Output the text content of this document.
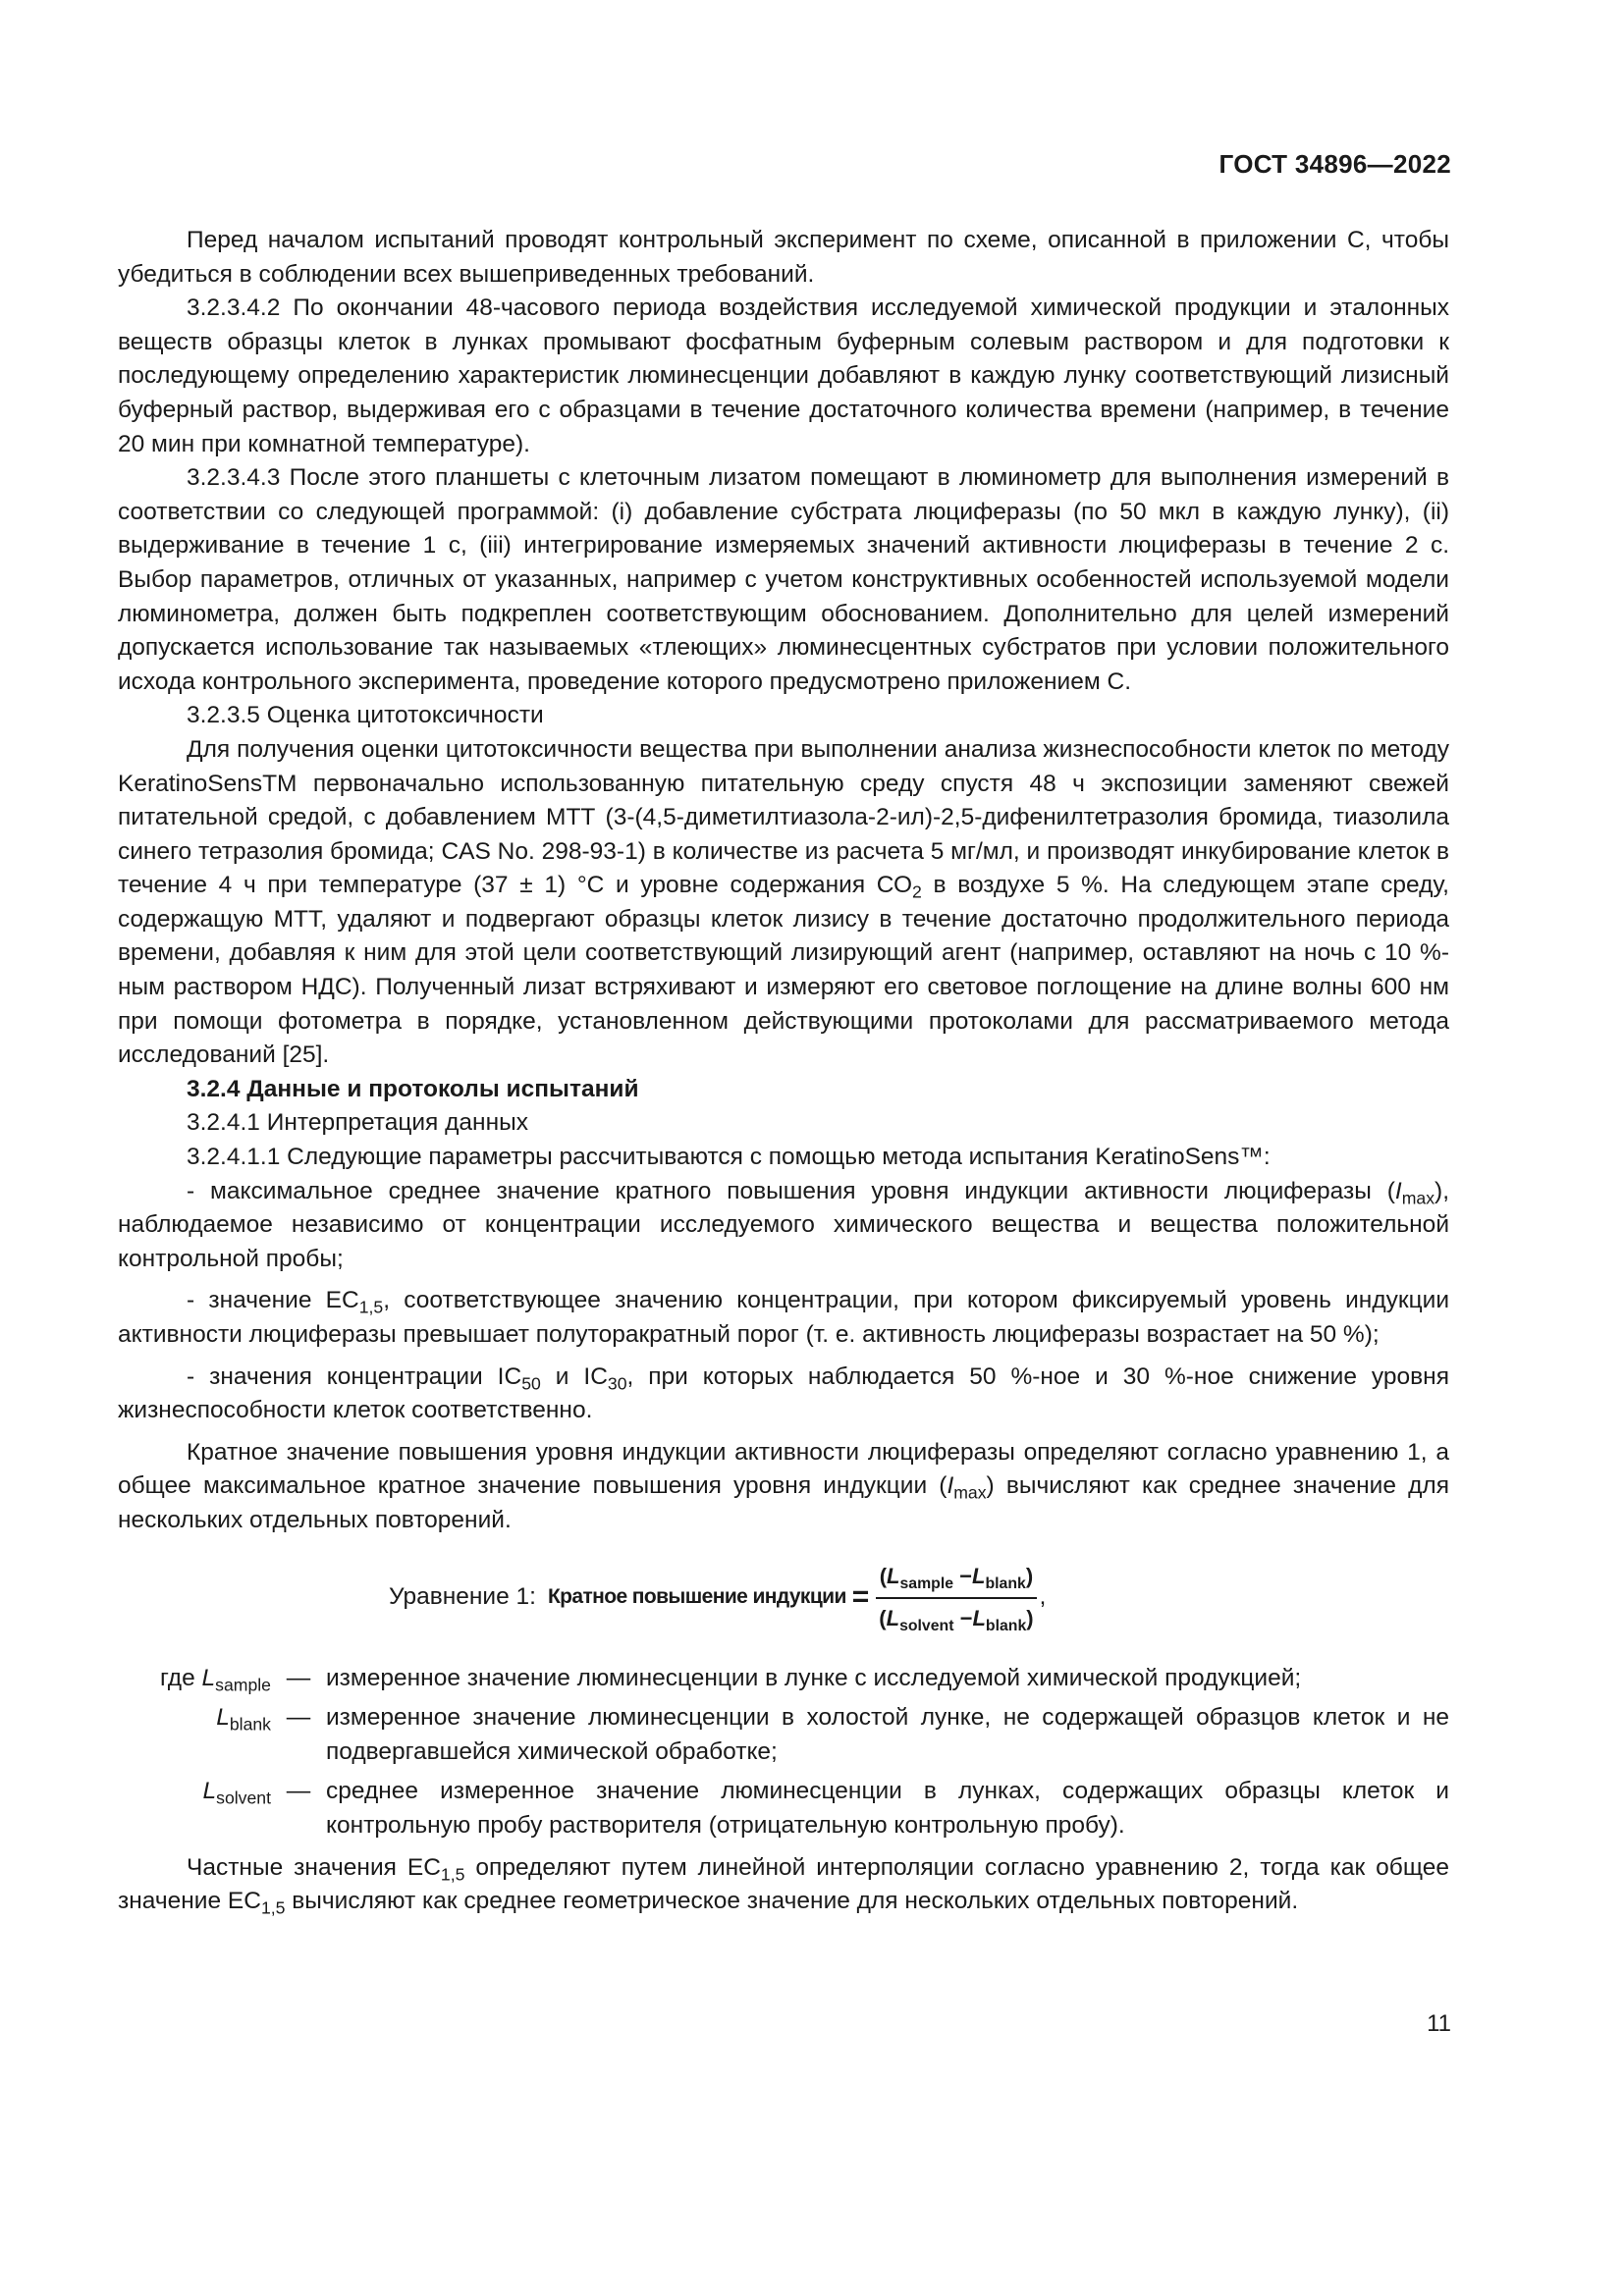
ГОСТ 34896—2022

Перед началом испытаний проводят контрольный эксперимент по схеме, описанной в приложении С, чтобы убедиться в соблюдении всех вышеприведенных требований.

3.2.3.4.2 По окончании 48-часового периода воздействия исследуемой химической продукции и эталонных веществ образцы клеток в лунках промывают фосфатным буферным солевым раствором и для подготовки к последующему определению характеристик люминесценции добавляют в каждую лунку соответствующий лизисный буферный раствор, выдерживая его с образцами в течение достаточного количества времени (например, в течение 20 мин при комнатной температуре).

3.2.3.4.3 После этого планшеты с клеточным лизатом помещают в люминометр для выполнения измерений в соответствии со следующей программой: (i) добавление субстрата люциферазы (по 50 мкл в каждую лунку), (ii) выдерживание в течение 1 с, (iii) интегрирование измеряемых значений активности люциферазы в течение 2 с. Выбор параметров, отличных от указанных, например с учетом конструктивных особенностей используемой модели люминометра, должен быть подкреплен соответствующим обоснованием. Дополнительно для целей измерений допускается использование так называемых «тлеющих» люминесцентных субстратов при условии положительного исхода контрольного эксперимента, проведение которого предусмотрено приложением С.

3.2.3.5 Оценка цитотоксичности

Для получения оценки цитотоксичности вещества при выполнении анализа жизнеспособности клеток по методу KeratinoSensTM первоначально использованную питательную среду спустя 48 ч экспозиции заменяют свежей питательной средой, с добавлением МТТ (3-(4,5-диметилтиазола-2-ил)-2,5-дифенилтетразолия бромида, тиазолила синего тетразолия бромида; CAS No. 298-93-1) в количестве из расчета 5 мг/мл, и производят инкубирование клеток в течение 4 ч при температуре (37 ± 1) °С и уровне содержания $СО_2$ в воздухе 5 %. На следующем этапе среду, содержащую МТТ, удаляют и подвергают образцы клеток лизису в течение достаточно продолжительного периода времени, добавляя к ним для этой цели соответствующий лизирующий агент (например, оставляют на ночь с 10 %-ным раствором НДС). Полученный лизат встряхивают и измеряют его световое поглощение на длине волны 600 нм при помощи фотометра в порядке, установленном действующими протоколами для рассматриваемого метода исследований [25].

3.2.4 Данные и протоколы испытаний

3.2.4.1 Интерпретация данных

3.2.4.1.1 Следующие параметры рассчитываются с помощью метода испытания KeratinoSens™:

- максимальное среднее значение кратного повышения уровня индукции активности люциферазы $(I_{max})$, наблюдаемое независимо от концентрации исследуемого химического вещества и вещества положительной контрольной пробы;

- значение $ЕС_{1,5}$, соответствующее значению концентрации, при котором фиксируемый уровень индукции активности люциферазы превышает полуторакратный порог (т. е. активность люциферазы возрастает на 50 %);

- значения концентрации $IC_{50}$ и $IC_{30}$, при которых наблюдается 50 %-ное и 30 %-ное снижение уровня жизнеспособности клеток соответственно.

Кратное значение повышения уровня индукции активности люциферазы определяют согласно уравнению 1, а общее максимальное кратное значение повышения уровня индукции $(I_{max})$ вычисляют как среднее значение для нескольких отдельных повторений.

Уравнение 1: Кратное повышение индукции = $\frac{(L_{sample} -L_{blank})}{(L_{solvent} -L_{blank})}$ ,
где $L_{sample}$ — измеренное значение люминесценции в лунке с исследуемой химической продукцией;
$L_{blank}$ — измеренное значение люминесценции в холостой лунке, не содержащей образцов клеток и не подвергавшейся химической обработке;
$L_{solvent}$ — среднее измеренное значение люминесценции в лунках, содержащих образцы клеток и контрольную пробу растворителя (отрицательную контрольную пробу).

Частные значения $ЕС_{1,5}$ определяют путем линейной интерполяции согласно уравнению 2, тогда как общее значение $ЕС_{1,5}$ вычисляют как среднее геометрическое значение для нескольких отдельных повторений.

11
